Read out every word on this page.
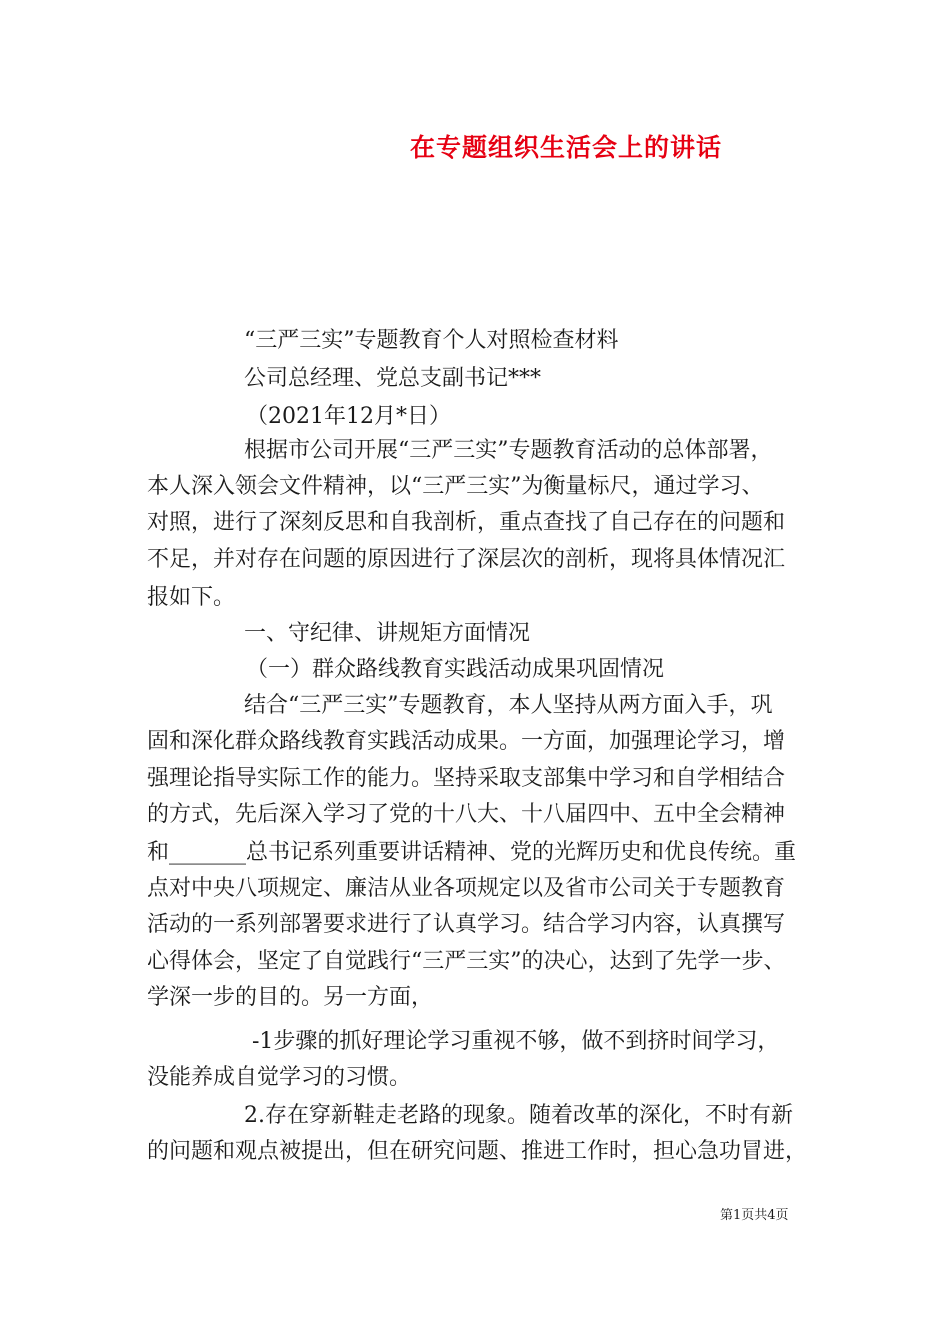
在专题组织生活会上的讲话
“三严三实”专题教育个人对照检查材料
公司总经理、党总支副书记***
（2021年12月*日）
根据市公司开展“三严三实”专题教育活动的总体部署，
本人深入领会文件精神，以“三严三实”为衡量标尺，通过学习、
对照，进行了深刻反思和自我剖析，重点查找了自己存在的问题和
不足，并对存在问题的原因进行了深层次的剖析，现将具体情况汇
报如下。
一、守纪律、讲规矩方面情况
（一）群众路线教育实践活动成果巩固情况
结合“三严三实”专题教育，本人坚持从两方面入手，巩
固和深化群众路线教育实践活动成果。一方面，加强理论学习，增
强理论指导实际工作的能力。坚持采取支部集中学习和自学相结合
的方式，先后深入学习了党的十八大、十八届四中、五中全会精神
和_______总书记系列重要讲话精神、党的光辉历史和优良传统。重
点对中央八项规定、廉洁从业各项规定以及省市公司关于专题教育
活动的一系列部署要求进行了认真学习。结合学习内容，认真撰写
心得体会，坚定了自觉践行“三严三实”的决心，达到了先学一步、
学深一步的目的。另一方面，
-1步骤的抓好理论学习重视不够，做不到挤时间学习，
没能养成自觉学习的习惯。
2.存在穿新鞋走老路的现象。随着改革的深化，不时有新
的问题和观点被提出，但在研究问题、推进工作时，担心急功冒进，
第1页共4页
